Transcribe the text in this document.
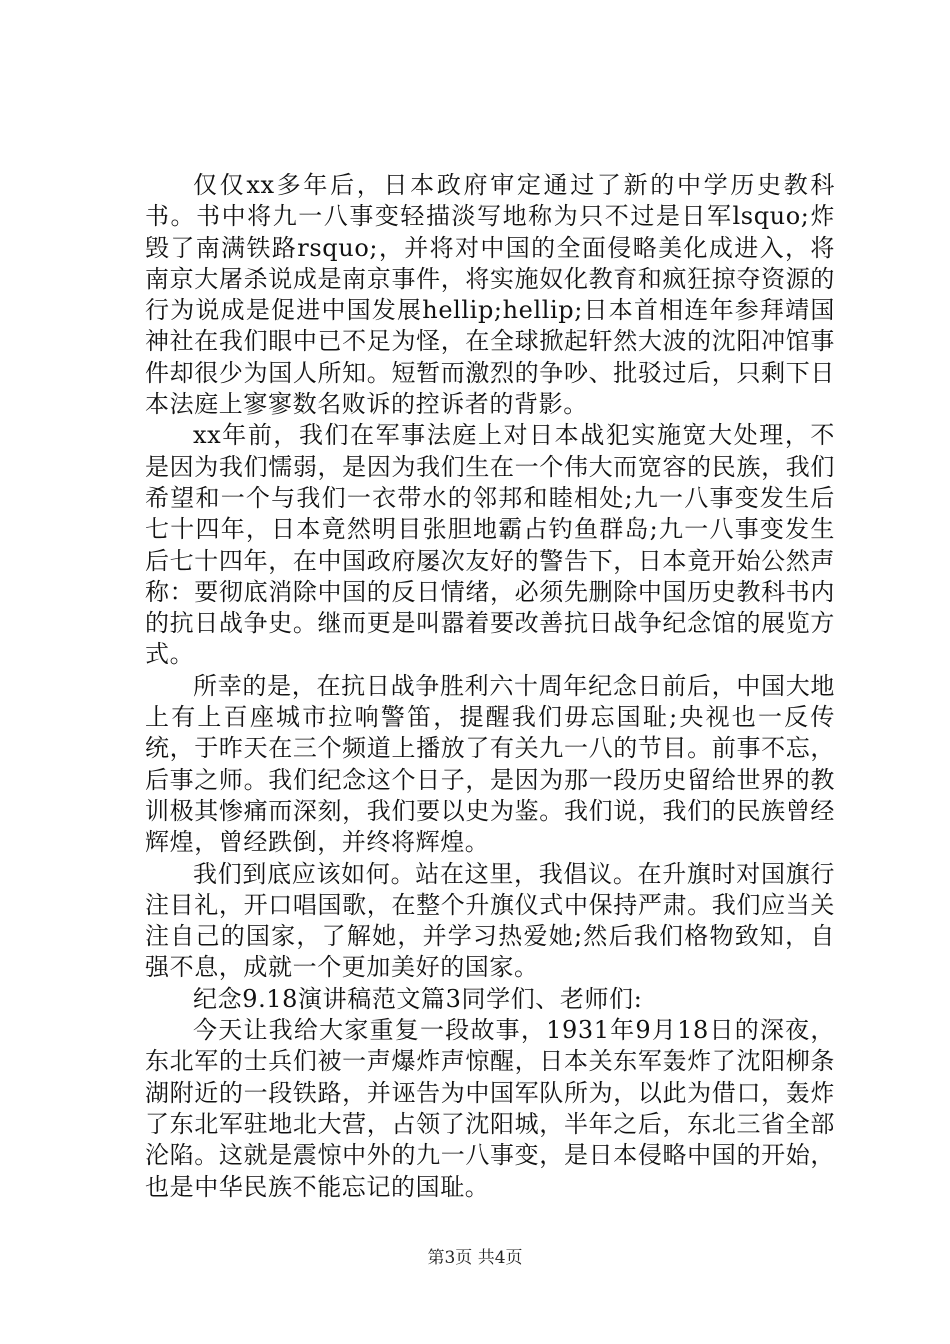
仅仅xx多年后，日本政府审定通过了新的中学历史教科书。书中将九一八事变轻描淡写地称为只不过是日军lsquo;炸毁了南满铁路rsquo;，并将对中国的全面侵略美化成进入，将南京大屠杀说成是南京事件，将实施奴化教育和疯狂掠夺资源的行为说成是促进中国发展hellip;hellip;日本首相连年参拜靖国神社在我们眼中已不足为怪，在全球掀起轩然大波的沈阳冲馆事件却很少为国人所知。短暂而激烈的争吵、批驳过后，只剩下日本法庭上寥寥数名败诉的控诉者的背影。

xx年前，我们在军事法庭上对日本战犯实施宽大处理，不是因为我们懦弱，是因为我们生在一个伟大而宽容的民族，我们希望和一个与我们一衣带水的邻邦和睦相处;九一八事变发生后七十四年，日本竟然明目张胆地霸占钓鱼群岛;九一八事变发生后七十四年，在中国政府屡次友好的警告下，日本竟开始公然声称：要彻底消除中国的反日情绪，必须先删除中国历史教科书内的抗日战争史。继而更是叫嚣着要改善抗日战争纪念馆的展览方式。

所幸的是，在抗日战争胜利六十周年纪念日前后，中国大地上有上百座城市拉响警笛，提醒我们毋忘国耻;央视也一反传统，于昨天在三个频道上播放了有关九一八的节目。前事不忘，后事之师。我们纪念这个日子，是因为那一段历史留给世界的教训极其惨痛而深刻，我们要以史为鉴。我们说，我们的民族曾经辉煌，曾经跌倒，并终将辉煌。

我们到底应该如何。站在这里，我倡议。在升旗时对国旗行注目礼，开口唱国歌，在整个升旗仪式中保持严肃。我们应当关注自己的国家，了解她，并学习热爱她;然后我们格物致知，自强不息，成就一个更加美好的国家。

纪念9.18演讲稿范文篇3同学们、老师们:

今天让我给大家重复一段故事，1931年9月18日的深夜，东北军的士兵们被一声爆炸声惊醒，日本关东军轰炸了沈阳柳条湖附近的一段铁路，并诬告为中国军队所为，以此为借口，轰炸了东北军驻地北大营，占领了沈阳城，半年之后，东北三省全部沦陷。这就是震惊中外的九一八事变，是日本侵略中国的开始，也是中华民族不能忘记的国耻。

第3页 共4页
